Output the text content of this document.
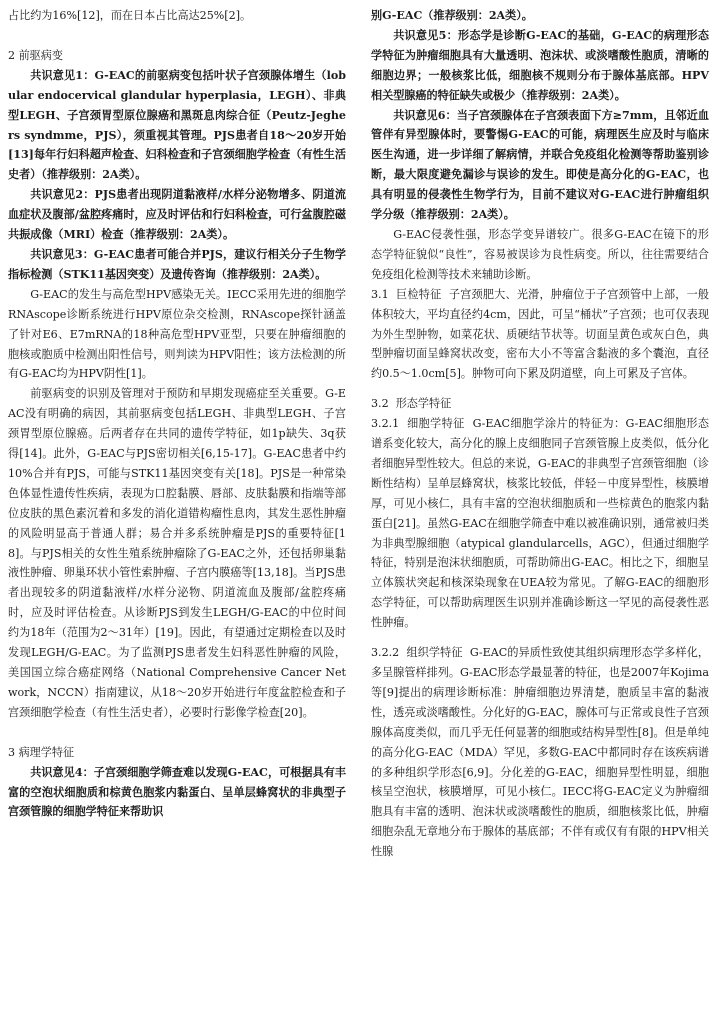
占比约为16%[12]，而在日本占比高达25%[2]。

2 前驱病变

共识意见1：G-EAC的前驱病变包括叶状子宫颈腺体增生（lobular endocervical glandular hyperplasia，LEGH）、非典型LEGH、子宫颈胃型原位腺癌和黑斑息肉综合征（Peutz-Jeghers syndmme，PJS），须重视其管理。PJS患者自18～20岁开始[13]每年行妇科超声检查、妇科检查和子宫颈细胞学检查（有性生活史者）（推荐级别：2A类）。

共识意见2：PJS患者出现阴道黏液样/水样分泌物增多、阴道流血症状及腹部/盆腔疼痛时，应及时评估和行妇科检查，可行盆腹腔磁共振成像（MRI）检查（推荐级别：2A类）。

共识意见3：G-EAC患者可能合并PJS，建议行相关分子生物学指标检测（STK11基因突变）及遗传咨询（推荐级别：2A类）。

G-EAC的发生与高危型HPV感染无关。IECC采用先进的细胞学RNAscope诊断系统进行HPV原位杂交检测，RNAscope探针涵盖了针对E6、E7mRNA的18种高危型HPV亚型，只要在肿瘤细胞的胞核或胞质中检测出阳性信号，则判读为HPV阳性；该方法检测的所有G-EAC均为HPV阴性[1]。

前驱病变的识别及管理对于预防和早期发现癌症至关重要。G-EAC没有明确的病因，其前驱病变包括LEGH、非典型LEGH、子宫颈胃型原位腺癌。后两者存在共同的遗传学特征，如1p缺失、3q获得[14]。此外，G-EAC与PJS密切相关[6,15-17]。G-EAC患者中约10%合并有PJS，可能与STK11基因突变有关[18]。PJS是一种常染色体显性遗传性疾病，表现为口腔黏膜、唇部、皮肤黏膜和指端等部位皮肤的黑色素沉着和多发的消化道错构瘤性息肉，其发生恶性肿瘤的风险明显高于普通人群；易合并多系统肿瘤是PJS的重要特征[18]。与PJS相关的女性生殖系统肿瘤除了G-EAC之外，还包括卵巢黏液性肿瘤、卵巢环状小管性索肿瘤、子宫内膜癌等[13,18]。当PJS患者出现较多的阴道黏液样/水样分泌物、阴道流血及腹部/盆腔疼痛时，应及时评估检查。从诊断PJS到发生LEGH/G-EAC的中位时间约为18年（范围为2～31年）[19]。因此，有望通过定期检查以及时发现LEGH/G-EAC。为了监测PJS患者发生妇科恶性肿瘤的风险，美国国立综合癌症网络（National Comprehensive Cancer Network，NCCN）指南建议，从18～20岁开始进行年度盆腔检查和子宫颈细胞学检查（有性生活史者），必要时行影像学检查[20]。

3 病理学特征

共识意见4：子宫颈细胞学筛查难以发现G-EAC，可根据具有丰富的空泡状细胞质和棕黄色胞浆内黏蛋白、呈单层蜂窝状的非典型子宫颈管腺的细胞学特征来帮助识

别G-EAC（推荐级别：2A类）。

共识意见5：形态学是诊断G-EAC的基础，G-EAC的病理形态学特征为肿瘤细胞具有大量透明、泡沫状、或淡嗜酸性胞质，清晰的细胞边界；一般核浆比低，细胞核不规则分布于腺体基底部。HPV相关型腺癌的特征缺失或极少（推荐级别：2A类）。

共识意见6：当子宫颈腺体在子宫颈表面下方≥7mm，且邻近血管伴有异型腺体时，要警惕G-EAC的可能，病理医生应及时与临床医生沟通，进一步详细了解病情，并联合免疫组化检测等帮助鉴别诊断，最大限度避免漏诊与误诊的发生。即使是高分化的G-EAC，也具有明显的侵袭性生物学行为，目前不建议对G-EAC进行肿瘤组织学分级（推荐级别：2A类）。

G-EAC侵袭性强，形态学变异谱较广。很多G-EAC在镜下的形态学特征貌似“良性”，容易被误诊为良性病变。所以，往往需要结合免疫组化检测等技术来辅助诊断。

3.1  巨检特征  子宫颈肥大、光滑，肿瘤位于子宫颈管中上部，一般体积较大，平均直径约4cm，因此，可呈“桶状”子宫颈；也可仅表现为外生型肿物，如菜花状、质硬结节状等。切面呈黄色或灰白色，典型肿瘤切面呈蜂窝状改变，密布大小不等富含黏液的多个囊泡，直径约0.5～1.0cm[5]。肿物可向下累及阴道壁，向上可累及子宫体。

3.2  形态学特征

3.2.1  细胞学特征  G-EAC细胞学涂片的特征为：G-EAC细胞形态谱系变化较大，高分化的腺上皮细胞同子宫颈管腺上皮类似，低分化者细胞异型性较大。但总的来说，G-EAC的非典型子宫颈管细胞（诊断性结构）呈单层蜂窝状，核浆比较低，伴轻－中度异型性，核膜增厚，可见小核仁，具有丰富的空泡状细胞质和一些棕黄色的胞浆内黏蛋白[21]。虽然G-EAC在细胞学筛查中难以被准确识别，通常被归类为非典型腺细胞（atypical glandularcells，AGC），但通过细胞学特征，特别是泡沫状细胞质，可帮助筛出G-EAC。相比之下，细胞呈立体簇状突起和核深染现象在UEA较为常见。了解G-EAC的细胞形态学特征，可以帮助病理医生识别并准确诊断这一罕见的高侵袭性恶性肿瘤。

3.2.2  组织学特征  G-EAC的异质性致使其组织病理形态学多样化，多呈腺管样排列。G-EAC形态学最显著的特征，也是2007年Kojima等[9]提出的病理诊断标准：肿瘤细胞边界清楚，胞质呈丰富的黏液性，透亮或淡嗜酸性。分化好的G-EAC，腺体可与正常或良性子宫颈腺体高度类似，而几乎无任何显著的细胞或结构异型性[8]。但是单纯的高分化G-EAC（MDA）罕见，多数G-EAC中都同时存在该疾病谱的多种组织学形态[6,9]。分化差的G-EAC，细胞异型性明显，细胞核呈空泡状，核膜增厚，可见小核仁。IECC将G-EAC定义为肿瘤细胞具有丰富的透明、泡沫状或淡嗜酸性的胞质，细胞核浆比低，肿瘤细胞杂乱无章地分布于腺体的基底部；不伴有或仅有有限的HPV相关性腺
